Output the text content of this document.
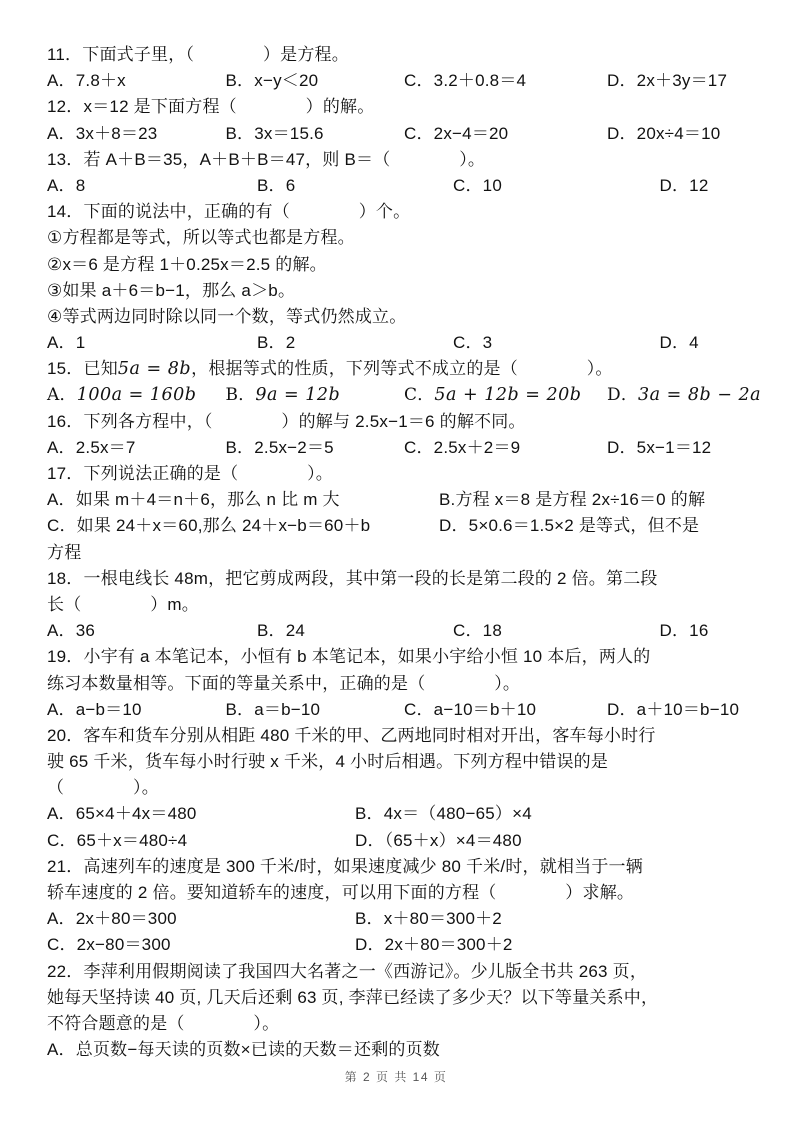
11．下面式子里，（　　　　）是方程。
A．7.8＋x	B．x−y＜20	C．3.2＋0.8＝4	D．2x＋3y＝17
12．x＝12 是下面方程（　　　　）的解。
A．3x＋8＝23	B．3x＝15.6	C．2x−4＝20	D．20x÷4＝10
13．若 A＋B＝35，A＋B＋B＝47，则 B＝（　　　　）。
A．8	B．6	C．10	D．12
14．下面的说法中，正确的有（　　　　）个。
①方程都是等式，所以等式也都是方程。
②x＝6 是方程 1＋0.25x＝2.5 的解。
③如果 a＋6＝b−1，那么 a＞b。
④等式两边同时除以同一个数，等式仍然成立。
A．1	B．2	C．3	D．4
15．已知5a = 8b，根据等式的性质，下列等式不成立的是（　　　　）。
A．100a = 160b	B．9a = 12b	C．5a + 12b = 20b	D．3a = 8b − 2a
16．下列各方程中，（　　　　）的解与 2.5x−1＝6 的解不同。
A．2.5x＝7	B．2.5x−2＝5	C．2.5x＋2＝9	D．5x−1＝12
17．下列说法正确的是（　　　　）。
A．如果 m＋4＝n＋6，那么 n 比 m 大	B.方程 x＝8 是方程 2x÷16＝0 的解
C．如果 24＋x＝60,那么 24＋x−b＝60＋b	D．5×0.6＝1.5×2 是等式，但不是
方程
18．一根电线长 48m，把它剪成两段，其中第一段的长是第二段的 2 倍。第二段
长（　　　　）m。
A．36	B．24	C．18	D．16
19．小宇有 a 本笔记本，小恒有 b 本笔记本，如果小宇给小恒 10 本后，两人的
练习本数量相等。下面的等量关系中，正确的是（　　　　）。
A．a−b＝10	B．a＝b−10	C．a−10＝b＋10	D．a＋10＝b−10
20．客车和货车分别从相距 480 千米的甲、乙两地同时相对开出，客车每小时行
驶 65 千米，货车每小时行驶 x 千米，4 小时后相遇。下列方程中错误的是
（　　　　）。
A．65×4＋4x＝480	B．4x＝（480−65）×4
C．65＋x＝480÷4	D．（65＋x）×4＝480
21．高速列车的速度是 300 千米/时，如果速度减少 80 千米/时，就相当于一辆
轿车速度的 2 倍。要知道轿车的速度，可以用下面的方程（　　　　）求解。
A．2x＋80＝300	B．x＋80＝300＋2
C．2x−80＝300	D．2x＋80＝300＋2
22．李萍利用假期阅读了我国四大名著之一《西游记》。少儿版全书共 263 页，
她每天坚持读 40 页, 几天后还剩 63 页, 李萍已经读了多少天？以下等量关系中，
不符合题意的是（　　　　）。
A．总页数−每天读的页数×已读的天数＝还剩的页数
第 2 页 共 14 页
